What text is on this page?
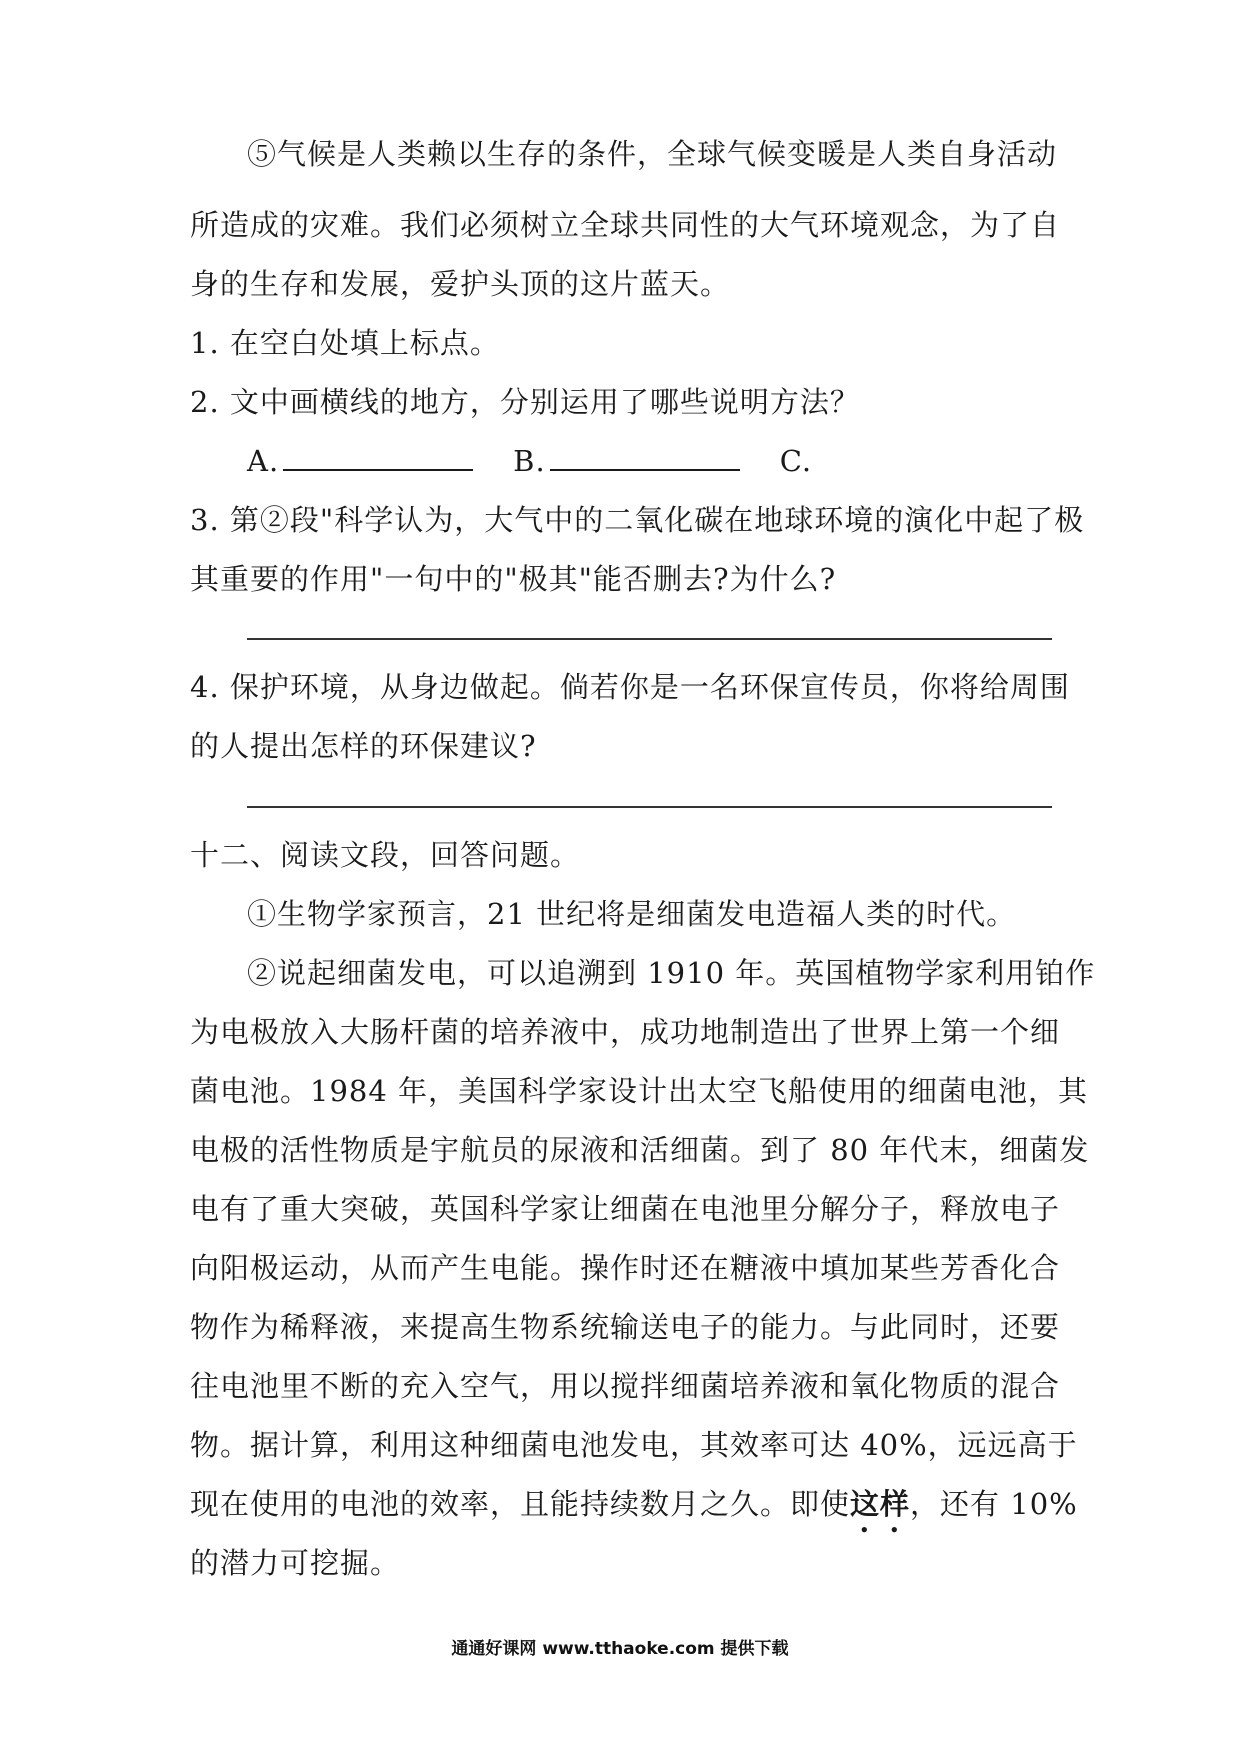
⑤气候是人类赖以生存的条件，全球气候变暖是人类自身活动
所造成的灾难。我们必须树立全球共同性的大气环境观念，为了自
身的生存和发展，爱护头顶的这片蓝天。
1. 在空白处填上标点。
2. 文中画横线的地方，分别运用了哪些说明方法？
A.	B.	C.
3. 第②段"科学认为，大气中的二氧化碳在地球环境的演化中起了极
其重要的作用"一句中的"极其"能否删去?为什么?
4. 保护环境，从身边做起。倘若你是一名环保宣传员，你将给周围
的人提出怎样的环保建议?
十二、阅读文段，回答问题。
①生物学家预言，21 世纪将是细菌发电造福人类的时代。
②说起细菌发电，可以追溯到 1910 年。英国植物学家利用铂作
为电极放入大肠杆菌的培养液中，成功地制造出了世界上第一个细
菌电池。1984 年，美国科学家设计出太空飞船使用的细菌电池，其
电极的活性物质是宇航员的尿液和活细菌。到了 80 年代末，细菌发
电有了重大突破，英国科学家让细菌在电池里分解分子，释放电子
向阳极运动，从而产生电能。操作时还在糖液中填加某些芳香化合
物作为稀释液，来提高生物系统输送电子的能力。与此同时，还要
往电池里不断的充入空气，用以搅拌细菌培养液和氧化物质的混合
物。据计算，利用这种细菌电池发电，其效率可达 40%，远远高于
现在使用的电池的效率，且能持续数月之久。即使这样，还有 10%
的潜力可挖掘。
通通好课网 www.tthaoke.com 提供下载
